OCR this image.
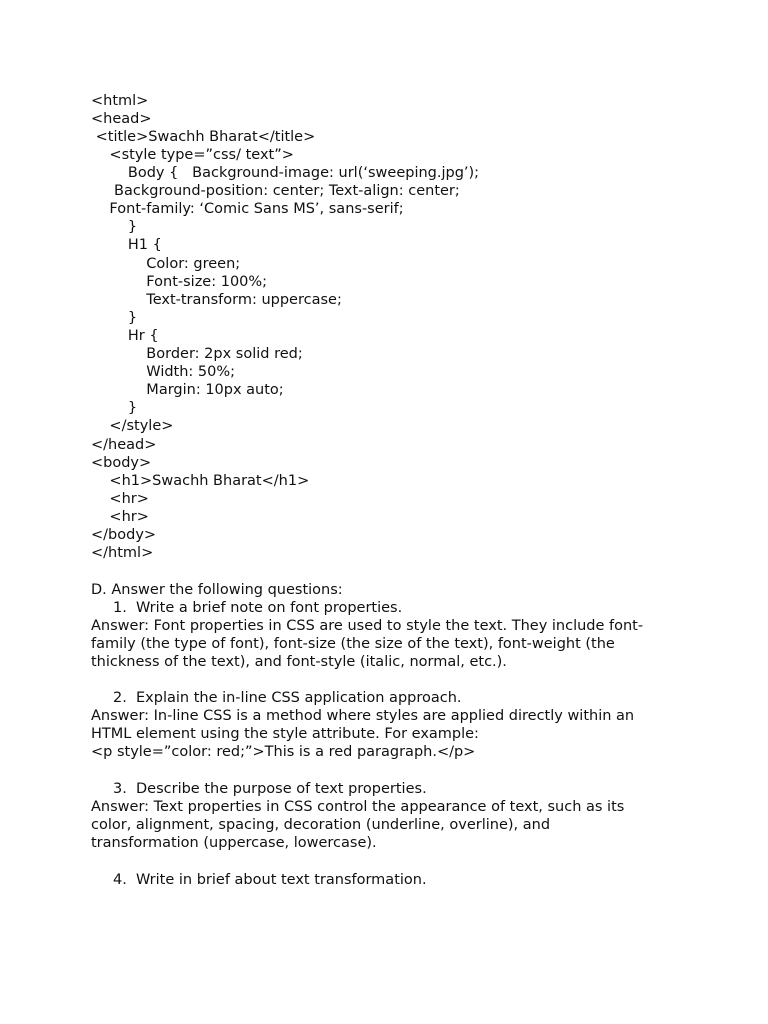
<html>
<head>
<title>Swachh Bharat</title>
<style type=”css/ text”>
Body {   Background-image: url(‘sweeping.jpg’);
Background-position: center; Text-align: center;
Font-family: ‘Comic Sans MS’, sans-serif;
}
H1 {
Color: green;
Font-size: 100%;
Text-transform: uppercase;
}
Hr {
Border: 2px solid red;
Width: 50%;
Margin: 10px auto;
}
</style>
</head>
<body>
<h1>Swachh Bharat</h1>
<hr>
<hr>
</body>
</html>
D. Answer the following questions:
1. Write a brief note on font properties.
Answer: Font properties in CSS are used to style the text. They include font-
family (the type of font), font-size (the size of the text), font-weight (the
thickness of the text), and font-style (italic, normal, etc.).
2. Explain the in-line CSS application approach.
Answer: In-line CSS is a method where styles are applied directly within an
HTML element using the style attribute. For example:
<p style=”color: red;”>This is a red paragraph.</p>
3. Describe the purpose of text properties.
Answer: Text properties in CSS control the appearance of text, such as its
color, alignment, spacing, decoration (underline, overline), and
transformation (uppercase, lowercase).
4. Write in brief about text transformation.
